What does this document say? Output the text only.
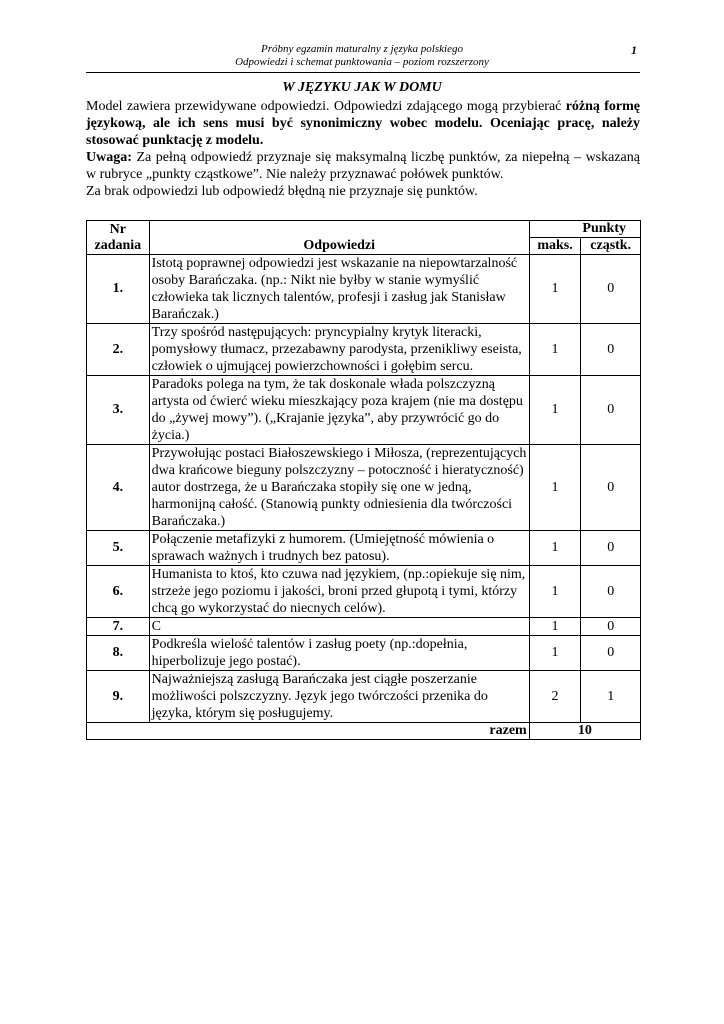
Próbny egzamin maturalny z języka polskiego
Odpowiedzi i schemat punktowania – poziom rozszerzony
1
W JĘZYKU JAK W DOMU

Model zawiera przewidywane odpowiedzi. Odpowiedzi zdającego mogą przybierać różną formę językową, ale ich sens musi być synonimiczny wobec modelu. Oceniając pracę, należy stosować punktację z modelu.

Uwaga: Za pełną odpowiedź przyznaje się maksymalną liczbę punktów, za niepełną – wskazaną w rubryce „punkty cząstkowe”. Nie należy przyznawać połówek punktów.

Za brak odpowiedzi lub odpowiedź błędną nie przyznaje się punktów.

Nr
zadania	Odpowiedzi	Punkty	
		maks.	cząstk.
1.	Istotą poprawnej odpowiedzi jest wskazanie na niepowtarzalność osoby Barańczaka. (np.: Nikt nie byłby w stanie wymyślić człowieka tak licznych talentów, profesji i zasług jak Stanisław Barańczak.)	1	0
2.	Trzy spośród następujących: pryncypialny krytyk literacki, pomysłowy tłumacz, przezabawny parodysta, przenikliwy eseista, człowiek o ujmującej powierzchowności i gołębim sercu.	1	0
3.	Paradoks polega na tym, że tak doskonale włada polszczyzną artysta od ćwierć wieku mieszkający poza krajem (nie ma dostępu do „żywej mowy”). („Krajanie języka”, aby przywrócić go do życia.)	1	0
4.	Przywołując postaci Białoszewskiego i Miłosza, (reprezentujących dwa krańcowe bieguny polszczyzny – potoczność i hieratyczność) autor dostrzega, że u Barańczaka stopiły się one w jedną, harmonijną całość. (Stanowią punkty odniesienia dla twórczości Barańczaka.)	1	0
5.	Połączenie metafizyki z humorem. (Umiejętność mówienia o sprawach ważnych i trudnych bez patosu).	1	0
6.	Humanista to ktoś, kto czuwa nad językiem, (np.:opiekuje się nim, strzeże jego poziomu i jakości, broni przed głupotą i tymi, którzy chcą go wykorzystać do niecnych celów).	1	0
7.	C	1	0
8.	Podkreśla wielość talentów i zasług poety (np.:dopełnia, hiperbolizuje jego postać).	1	0
9.	Najważniejszą zasługą Barańczaka jest ciągłe poszerzanie możliwości polszczyzny. Język jego twórczości przenika do języka, którym się posługujemy.	2	1
razem		10	
